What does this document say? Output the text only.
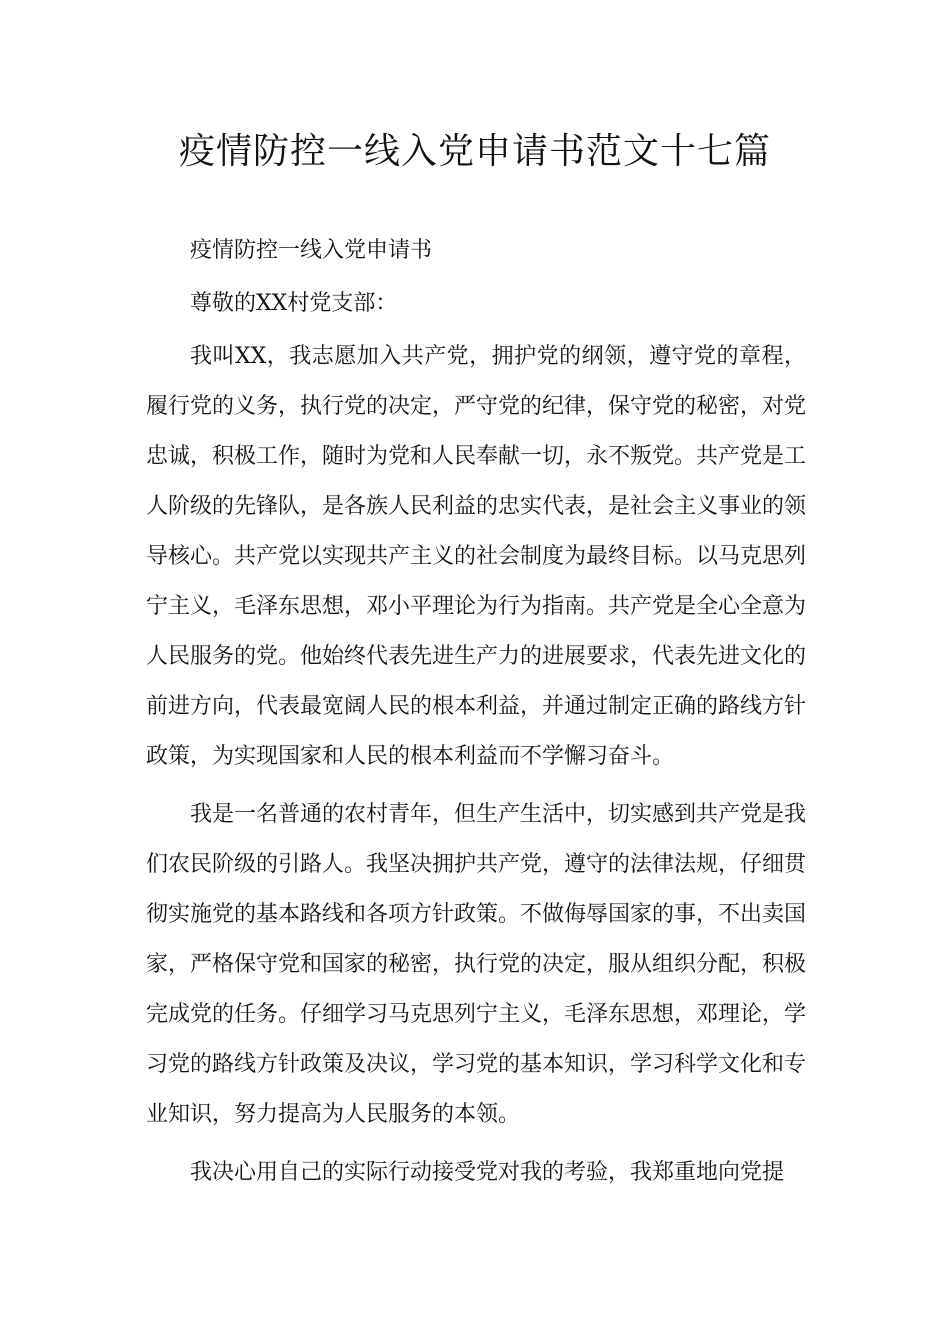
疫情防控一线入党申请书范文十七篇

疫情防控一线入党申请书

尊敬的XX村党支部：

我叫XX，我志愿加入共产党，拥护党的纲领，遵守党的章程，履行党的义务，执行党的决定，严守党的纪律，保守党的秘密，对党忠诚，积极工作，随时为党和人民奉献一切，永不叛党。共产党是工人阶级的先锋队，是各族人民利益的忠实代表，是社会主义事业的领导核心。共产党以实现共产主义的社会制度为最终目标。以马克思列宁主义，毛泽东思想，邓小平理论为行为指南。共产党是全心全意为人民服务的党。他始终代表先进生产力的进展要求，代表先进文化的前进方向，代表最宽阔人民的根本利益，并通过制定正确的路线方针政策，为实现国家和人民的根本利益而不学懈习奋斗。

我是一名普通的农村青年，但生产生活中，切实感到共产党是我们农民阶级的引路人。我坚决拥护共产党，遵守的法律法规，仔细贯彻实施党的基本路线和各项方针政策。不做侮辱国家的事，不出卖国家，严格保守党和国家的秘密，执行党的决定，服从组织分配，积极完成党的任务。仔细学习马克思列宁主义，毛泽东思想，邓理论，学习党的路线方针政策及决议，学习党的基本知识，学习科学文化和专业知识，努力提高为人民服务的本领。

我决心用自己的实际行动接受党对我的考验，我郑重地向党提
